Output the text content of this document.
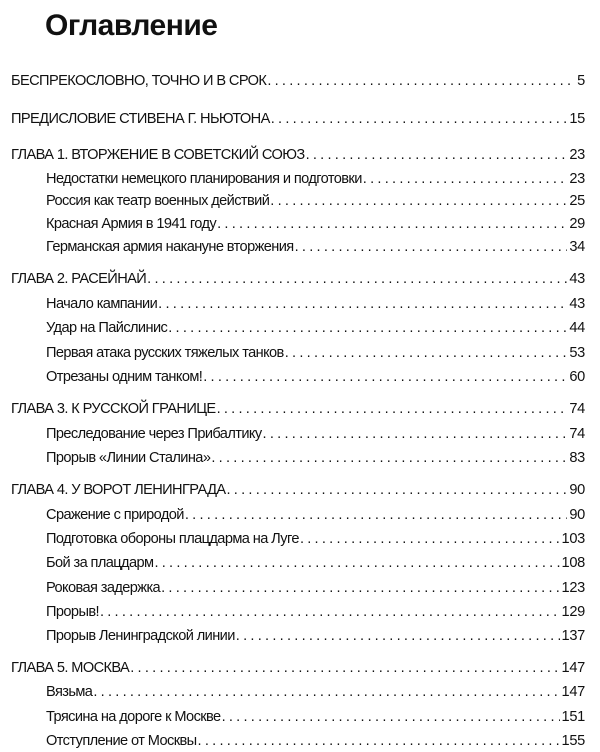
Оглавление
БЕСПРЕКОСЛОВНО, ТОЧНО И В СРОК . . .	5
ПРЕДИСЛОВИЕ СТИВЕНА Г. НЬЮТОНА . . .	15
ГЛАВА 1. ВТОРЖЕНИЕ В СОВЕТСКИЙ СОЮЗ . . .	23
Недостатки немецкого планирования и подготовки . . .	23
Россия как театр военных действий . . .	25
Красная Армия в 1941 году . . .	29
Германская армия накануне вторжения . . .	34
ГЛАВА 2. РАСЕЙНАЙ . . .	43
Начало кампании . . .	43
Удар на Пайслинис . . .	44
Первая атака русских тяжелых танков . . .	53
Отрезаны одним танком! . . .	60
ГЛАВА 3. К РУССКОЙ ГРАНИЦЕ . . .	74
Преследование через Прибалтику . . .	74
Прорыв «Линии Сталина» . . .	83
ГЛАВА 4. У ВОРОТ ЛЕНИНГРАДА . . .	90
Сражение с природой . . .	90
Подготовка обороны плацдарма на Луге . . .	103
Бой за плацдарм . . .	108
Роковая задержка . . .	123
Прорыв! . . .	129
Прорыв Ленинградской линии . . .	137
ГЛАВА 5. МОСКВА . . .	147
Вязьма . . .	147
Трясина на дороге к Москве . . .	151
Отступление от Москвы . . .	155
